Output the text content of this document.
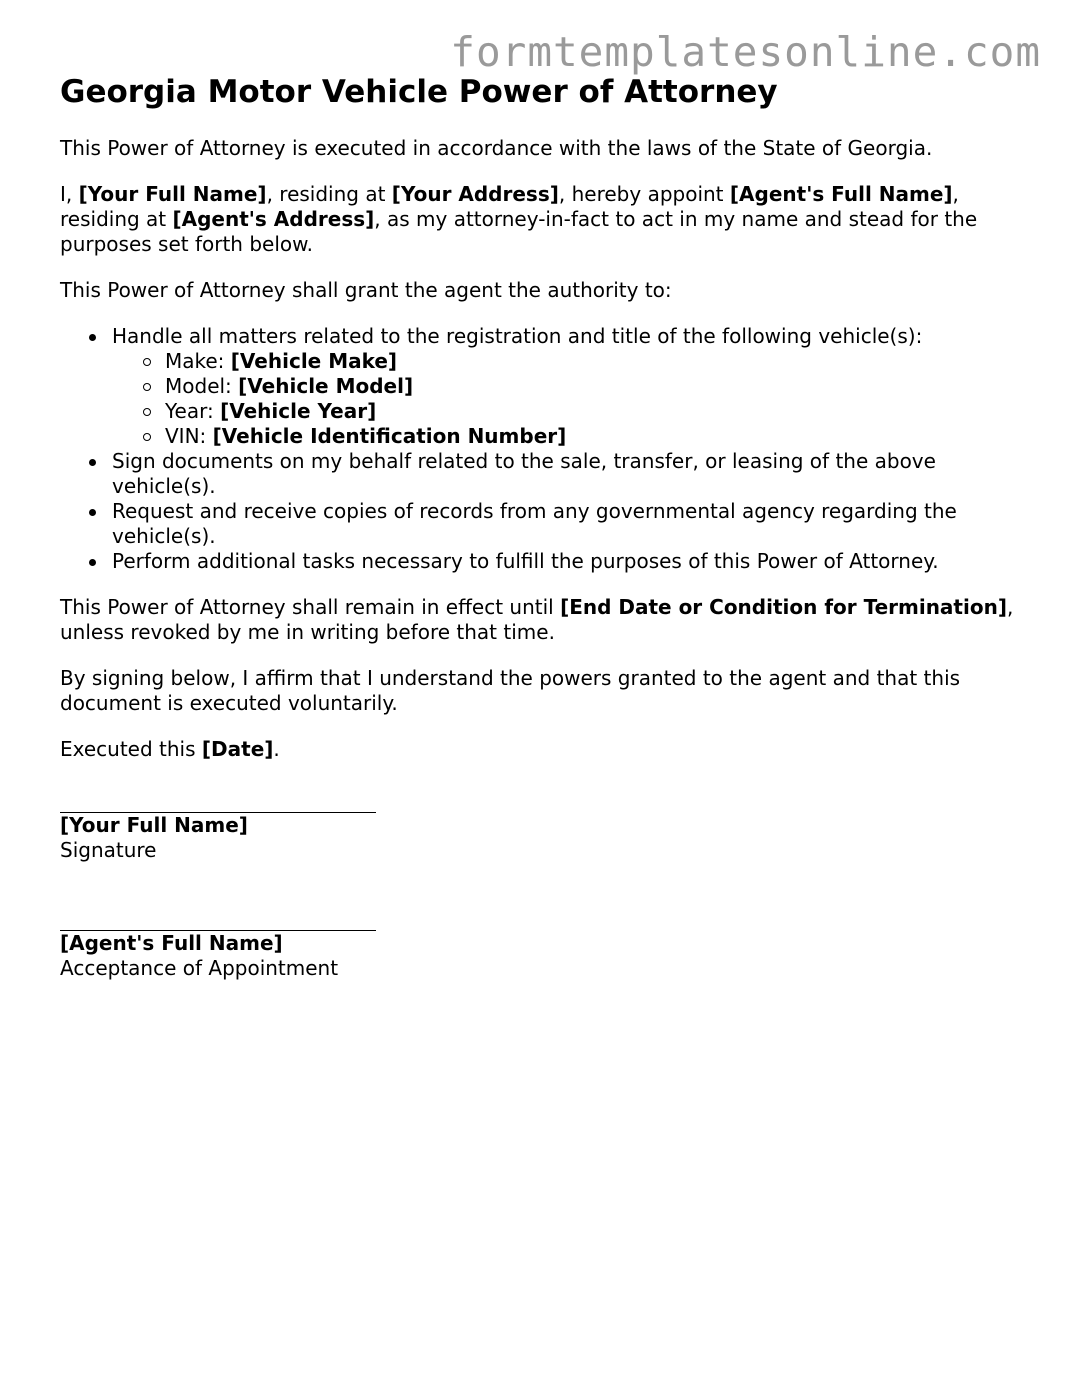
formtemplatesonline.com
Georgia Motor Vehicle Power of Attorney

This Power of Attorney is executed in accordance with the laws of the State of Georgia.

I, [Your Full Name], residing at [Your Address], hereby appoint [Agent's Full Name], residing at [Agent's Address], as my attorney-in-fact to act in my name and stead for the purposes set forth below.

This Power of Attorney shall grant the agent the authority to:

Handle all matters related to the registration and title of the following vehicle(s):
Make: [Vehicle Make]
Model: [Vehicle Model]
Year: [Vehicle Year]
VIN: [Vehicle Identification Number]
Sign documents on my behalf related to the sale, transfer, or leasing of the above vehicle(s).
Request and receive copies of records from any governmental agency regarding the vehicle(s).
Perform additional tasks necessary to fulfill the purposes of this Power of Attorney.

This Power of Attorney shall remain in effect until [End Date or Condition for Termination], unless revoked by me in writing before that time.

By signing below, I affirm that I understand the powers granted to the agent and that this document is executed voluntarily.

Executed this [Date].

[Your Full Name]
Signature
[Agent's Full Name]
Acceptance of Appointment
